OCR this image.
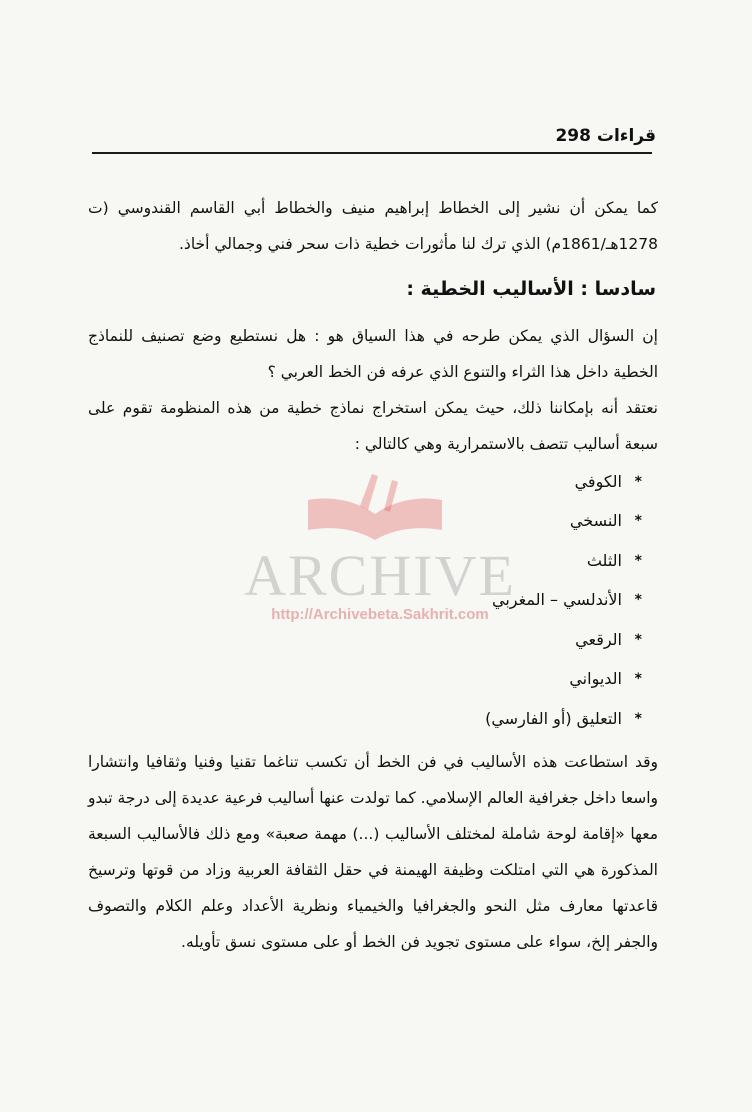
قراءات 298

كما يمكن أن نشير إلى الخطاط إبراهيم منيف والخطاط أبي القاسم القندوسي (ت 1278هـ/1861م) الذي ترك لنا مأثورات خطية ذات سحر فني وجمالي أخاذ.

سادسا : الأساليب الخطية :

إن السؤال الذي يمكن طرحه في هذا السياق هو : هل نستطيع وضع تصنيف للنماذج الخطية داخل هذا الثراء والتنوع الذي عرفه فن الخط العربي ؟

نعتقد أنه بإمكاننا ذلك، حيث يمكن استخراج نماذج خطية من هذه المنظومة تقوم على سبعة أساليب تتصف بالاستمرارية وهي كالتالي :

*
الكوفي
*
النسخي
*
الثلث
*
الأندلسي – المغربي
*
الرقعي
*
الديواني
*
التعليق (أو الفارسي)

وقد استطاعت هذه الأساليب في فن الخط أن تكسب تناغما تقنيا وفنيا وثقافيا وانتشارا واسعا داخل جغرافية العالم الإسلامي. كما تولدت عنها أساليب فرعية عديدة إلى درجة تبدو معها «إقامة لوحة شاملة لمختلف الأساليب (...) مهمة صعبة» ومع ذلك فالأساليب السبعة المذكورة هي التي امتلكت وظيفة الهيمنة في حقل الثقافة العربية وزاد من قوتها وترسيخ قاعدتها معارف مثل النحو والجغرافيا والخيمياء ونظرية الأعداد وعلم الكلام والتصوف والجفر إلخ، سواء على مستوى تجويد فن الخط أو على مستوى نسق تأويله.

ARCHIVE
http://Archivebeta.Sakhrit.com
